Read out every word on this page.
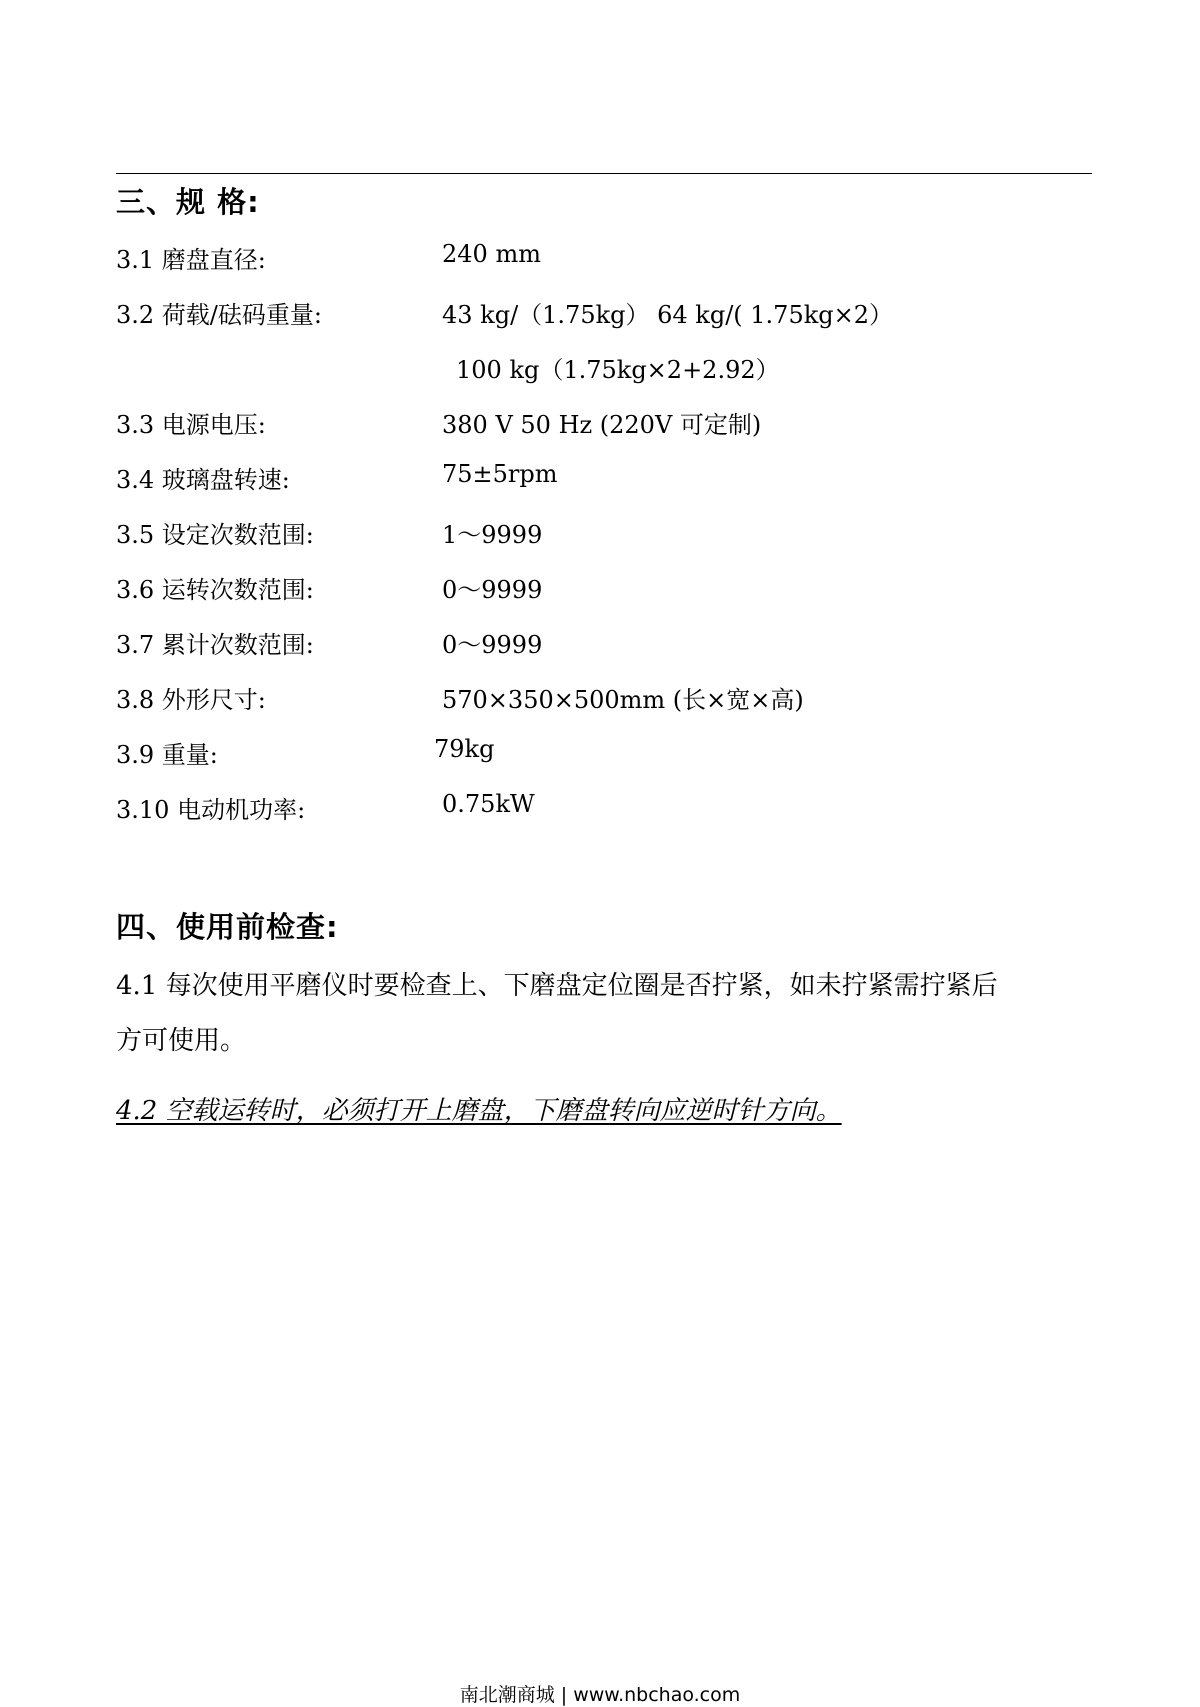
三、规 格:
3.1 磨盘直径:	240 mm
3.2 荷载/砝码重量:	43 kg/（1.75kg） 64 kg/( 1.75kg×2）
100 kg（1.75kg×2+2.92）
3.3 电源电压:	380 V 50 Hz (220V 可定制)
3.4 玻璃盘转速:	75±5rpm
3.5 设定次数范围:	1～9999
3.6 运转次数范围:	0～9999
3.7 累计次数范围:	0～9999
3.8 外形尺寸:	570×350×500mm (长×宽×高)
3.9 重量:	79kg
3.10 电动机功率:	0.75kW
四、使用前检查:
4.1 每次使用平磨仪时要检查上、下磨盘定位圈是否拧紧，如未拧紧需拧紧后
方可使用。
4.2 空载运转时，必须打开上磨盘，下磨盘转向应逆时针方向。
南北潮商城 | www.nbchao.com
